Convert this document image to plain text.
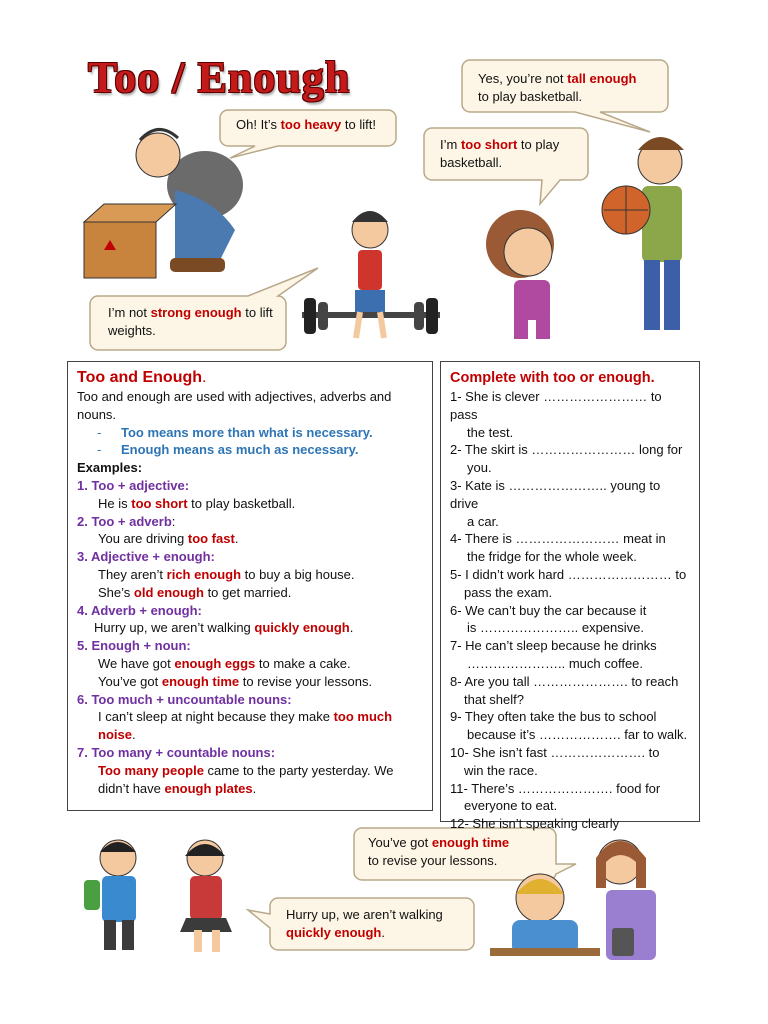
Too / Enough	Yes, you’re not tall enough
to play basketball.
Oh! It’s too heavy to lift!
I’m too short to play basketball.
I’m not strong enough to lift weights.
You’ve got enough time
to revise your lessons.
Hurry up, we aren’t walking quickly enough.

Too and Enough.

Too and enough are used with adjectives, adverbs and nouns.

- Too means more than what is necessary.

- Enough means as much as necessary.

Examples:

1. Too + adjective:

He is too short to play basketball.

2. Too + adverb:

You are driving too fast.

3. Adjective + enough:

They aren’t rich enough to buy a big house.

She’s old enough to get married.

4. Adverb + enough:

Hurry up, we aren’t walking quickly enough.

5. Enough + noun:

We have got enough eggs to make a cake.

You’ve got enough time to revise your lessons.

6. Too much + uncountable nouns:

I can’t sleep at night because they make too much noise.

7. Too many + countable nouns:

Too many people came to the party yesterday. We didn’t have enough plates.

Complete with too or enough.

1- She is clever …………………… to pass

the test.

2- The skirt is …………………… long for

you.

3- Kate is ………………….. young to

drive

a car.

4- There is …………………… meat in

the fridge for the whole week.

5- I didn’t work hard …………………… to

pass the exam.

6- We can’t buy the car because it

is ………………….. expensive.

7- He can’t sleep because he drinks

………………….. much coffee.

8- Are you tall …………………. to reach

that shelf?

9- They often take the bus to school

because it’s ………………. far to walk.

10- She isn’t fast …………………. to

win the race.

11- There’s …………………. food for

everyone to eat.

12- She isn’t speaking clearly
